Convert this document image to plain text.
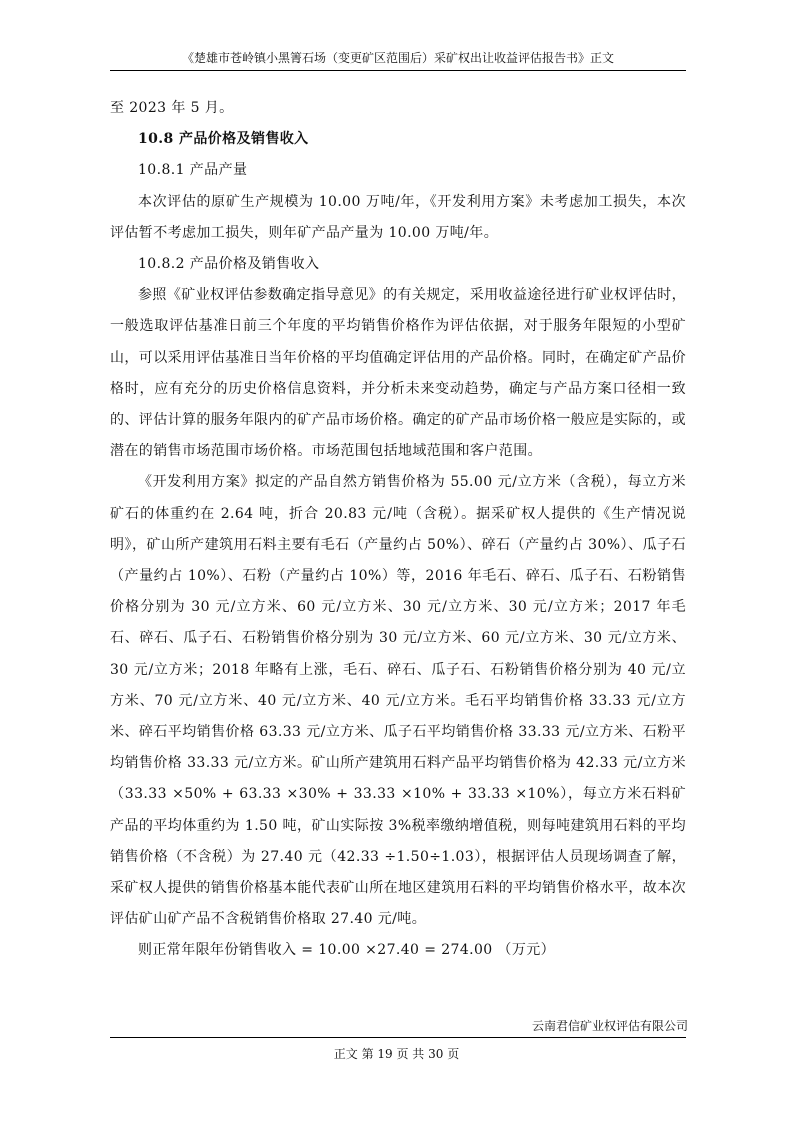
《楚雄市苍岭镇小黑箐石场（变更矿区范围后）采矿权出让收益评估报告书》正文

至 2023 年 5 月。

10.8 产品价格及销售收入

10.8.1 产品产量

本次评估的原矿生产规模为 10.00 万吨/年，《开发利用方案》未考虑加工损失，本次评估暂不考虑加工损失，则年矿产品产量为 10.00 万吨/年。

10.8.2 产品价格及销售收入

参照《矿业权评估参数确定指导意见》的有关规定，采用收益途径进行矿业权评估时，一般选取评估基准日前三个年度的平均销售价格作为评估依据，对于服务年限短的小型矿山，可以采用评估基准日当年价格的平均值确定评估用的产品价格。同时，在确定矿产品价格时，应有充分的历史价格信息资料，并分析未来变动趋势，确定与产品方案口径相一致的、评估计算的服务年限内的矿产品市场价格。确定的矿产品市场价格一般应是实际的，或潜在的销售市场范围市场价格。市场范围包括地域范围和客户范围。

《开发利用方案》拟定的产品自然方销售价格为 55.00 元/立方米（含税），每立方米矿石的体重约在 2.64 吨，折合 20.83 元/吨（含税）。据采矿权人提供的《生产情况说明》，矿山所产建筑用石料主要有毛石（产量约占 50%）、碎石（产量约占 30%）、瓜子石（产量约占 10%）、石粉（产量约占 10%）等，2016 年毛石、碎石、瓜子石、石粉销售价格分别为 30 元/立方米、60 元/立方米、30 元/立方米、30 元/立方米；2017 年毛石、碎石、瓜子石、石粉销售价格分别为 30 元/立方米、60 元/立方米、30 元/立方米、30 元/立方米；2018 年略有上涨，毛石、碎石、瓜子石、石粉销售价格分别为 40 元/立方米、70 元/立方米、40 元/立方米、40 元/立方米。毛石平均销售价格 33.33 元/立方米、碎石平均销售价格 63.33 元/立方米、瓜子石平均销售价格 33.33 元/立方米、石粉平均销售价格 33.33 元/立方米。矿山所产建筑用石料产品平均销售价格为 42.33 元/立方米（33.33 ×50% + 63.33 ×30% + 33.33 ×10% + 33.33 ×10%），每立方米石料矿产品的平均体重约为 1.50 吨，矿山实际按 3%税率缴纳增值税，则每吨建筑用石料的平均销售价格（不含税）为 27.40 元（42.33 ÷1.50÷1.03），根据评估人员现场调查了解，采矿权人提供的销售价格基本能代表矿山所在地区建筑用石料的平均销售价格水平，故本次评估矿山矿产品不含税销售价格取 27.40 元/吨。

则正常年限年份销售收入 = 10.00 ×27.40 = 274.00 （万元）

云南君信矿业权评估有限公司
正文 第 19 页 共 30 页
